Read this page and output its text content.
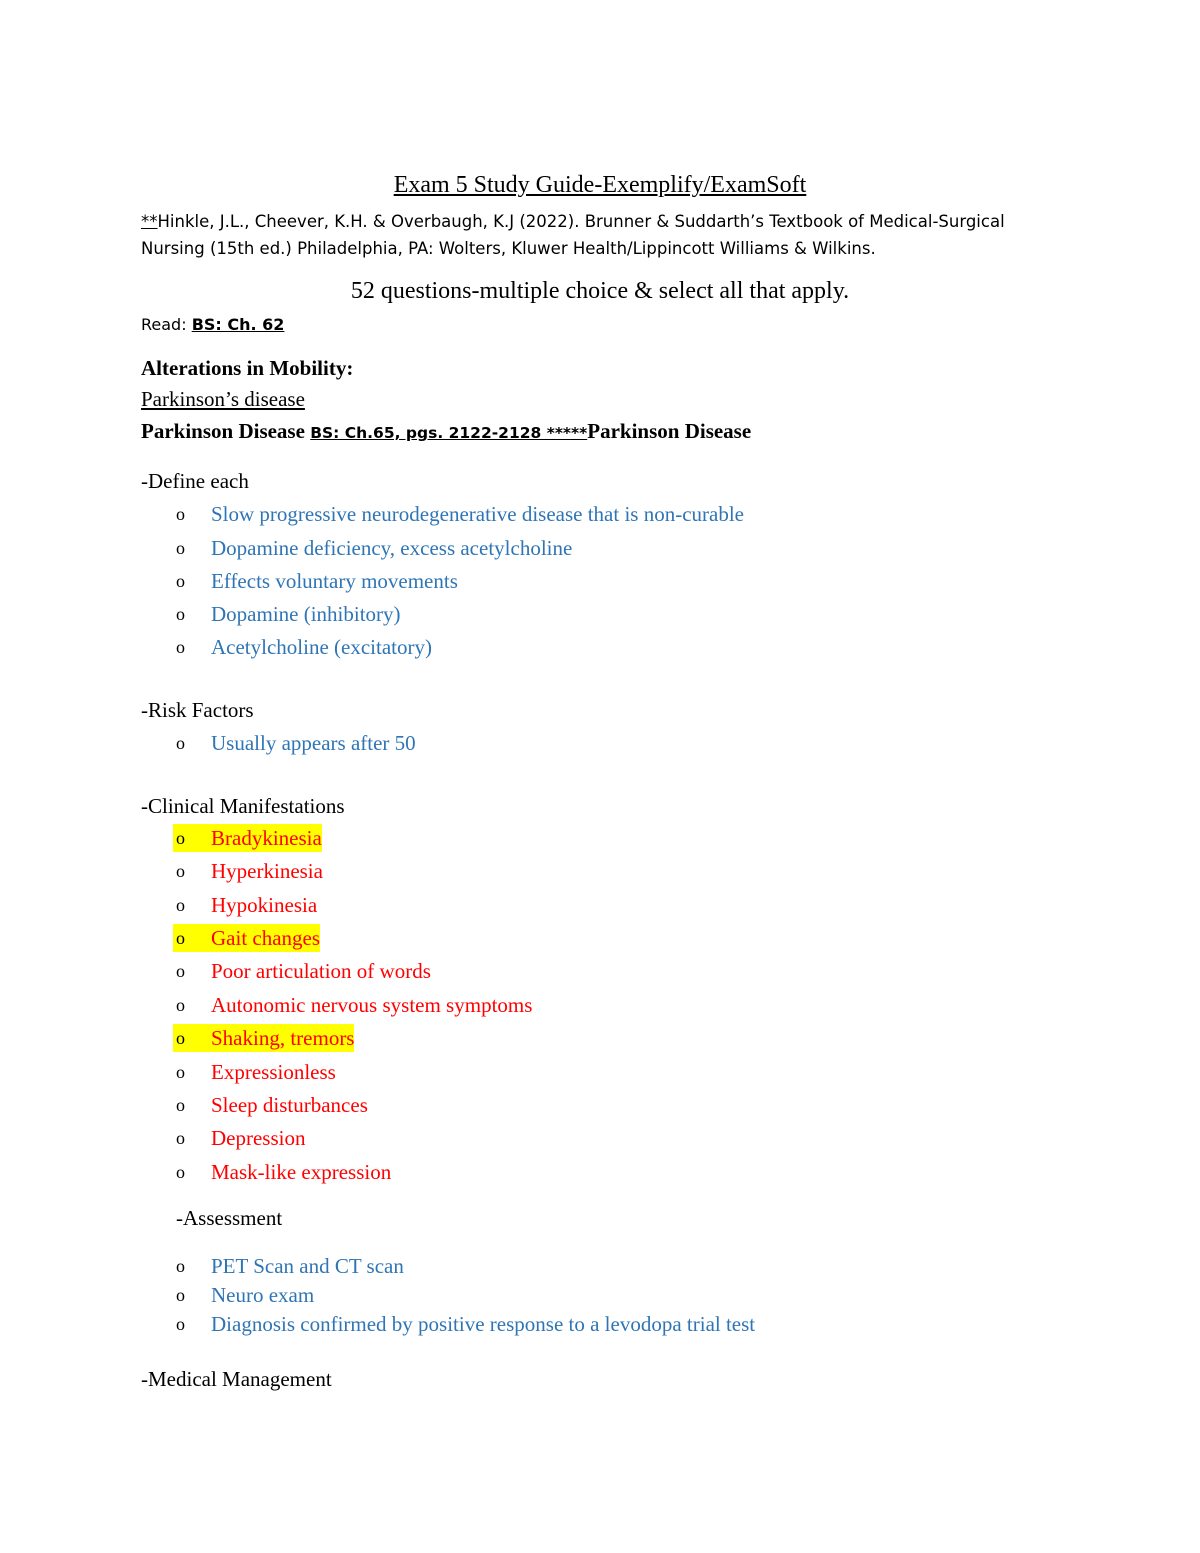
Exam 5 Study Guide-Exemplify/ExamSoft
**Hinkle, J.L., Cheever, K.H. & Overbaugh, K.J (2022). Brunner & Suddarth’s Textbook of Medical-Surgical
Nursing (15th ed.) Philadelphia, PA: Wolters, Kluwer Health/Lippincott Williams & Wilkins.
52 questions-multiple choice & select all that apply.
Read: BS: Ch. 62
Alterations in Mobility:
Parkinson’s disease
Parkinson Disease BS: Ch.65, pgs. 2122-2128 *****Parkinson Disease
-Define each
o	Slow progressive neurodegenerative disease that is non-curable
o	Dopamine deficiency, excess acetylcholine
o	Effects voluntary movements
o	Dopamine (inhibitory)
o	Acetylcholine (excitatory)
-Risk Factors
o	Usually appears after 50
-Clinical Manifestations
o	Bradykinesia
o	Hyperkinesia
o	Hypokinesia
o	Gait changes
o	Poor articulation of words
o	Autonomic nervous system symptoms
o	Shaking, tremors
o	Expressionless
o	Sleep disturbances
o	Depression
o	Mask-like expression
-Assessment
o	PET Scan and CT scan
o	Neuro exam
o	Diagnosis confirmed by positive response to a levodopa trial test
-Medical Management
